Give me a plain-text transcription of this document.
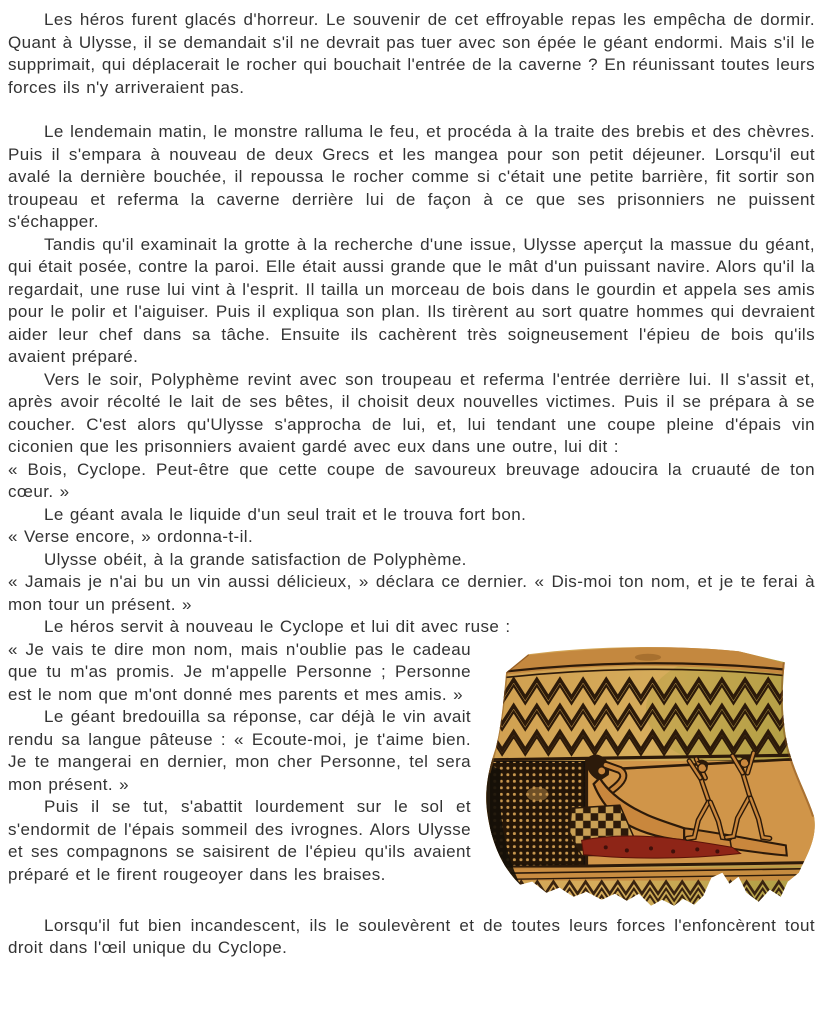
Les héros furent glacés d'horreur. Le souvenir de cet effroyable repas les empêcha de dormir. Quant à Ulysse, il se demandait s'il ne devrait pas tuer avec son épée le géant endormi. Mais s'il le supprimait, qui déplacerait le rocher qui bouchait l'entrée de la caverne ? En réunissant toutes leurs forces ils n'y arriveraient pas.

Le lendemain matin, le monstre ralluma le feu, et procéda à la traite des brebis et des chèvres. Puis il s'empara à nouveau de deux Grecs et les mangea pour son petit déjeuner. Lorsqu'il eut avalé la dernière bouchée, il repoussa le rocher comme si c'était une petite barrière, fit sortir son troupeau et referma la caverne derrière lui de façon à ce que ses prisonniers ne puissent s'échapper.

Tandis qu'il examinait la grotte à la recherche d'une issue, Ulysse aperçut la massue du géant, qui était posée, contre la paroi. Elle était aussi grande que le mât d'un puissant navire. Alors qu'il la regardait, une ruse lui vint à l'esprit. Il tailla un morceau de bois dans le gourdin et appela ses amis pour le polir et l'aiguiser. Puis il expliqua son plan. Ils tirèrent au sort quatre hommes qui devraient aider leur chef dans sa tâche. Ensuite ils cachèrent très soigneusement l'épieu de bois qu'ils avaient préparé.

Vers le soir, Polyphème revint avec son troupeau et referma l'entrée derrière lui. Il s'assit et, après avoir récolté le lait de ses bêtes, il choisit deux nouvelles victimes. Puis il se prépara à se coucher. C'est alors qu'Ulysse s'approcha de lui, et, lui tendant une coupe pleine d'épais vin ciconien que les prisonniers avaient gardé avec eux dans une outre, lui dit :

« Bois, Cyclope. Peut-être que cette coupe de savoureux breuvage adoucira la cruauté de ton cœur. »

Le géant avala le liquide d'un seul trait et le trouva fort bon.

« Verse encore, » ordonna-t-il.

Ulysse obéit, à la grande satisfaction de Polyphème.

« Jamais je n'ai bu un vin aussi délicieux, » déclara ce dernier. « Dis-moi ton nom, et je te ferai à mon tour un présent. »

Le héros servit à nouveau le Cyclope et lui dit avec ruse :

« Je vais te dire mon nom, mais n'oublie pas le cadeau que tu m'as promis. Je m'appelle Personne ; Personne est le nom que m'ont donné mes parents et mes amis. »

Le géant bredouilla sa réponse, car déjà le vin avait rendu sa langue pâteuse : « Ecoute-moi, je t'aime bien. Je te mangerai en dernier, mon cher Personne, tel sera mon présent. »

Puis il se tut, s'abattit lourdement sur le sol et s'endormit de l'épais sommeil des ivrognes. Alors Ulysse et ses compagnons se saisirent de l'épieu qu'ils avaient préparé et le firent rougeoyer dans les braises.

Lorsqu'il fut bien incandescent, ils le soulevèrent et de toutes leurs forces l'enfoncèrent tout droit dans l'œil unique du Cyclope.
